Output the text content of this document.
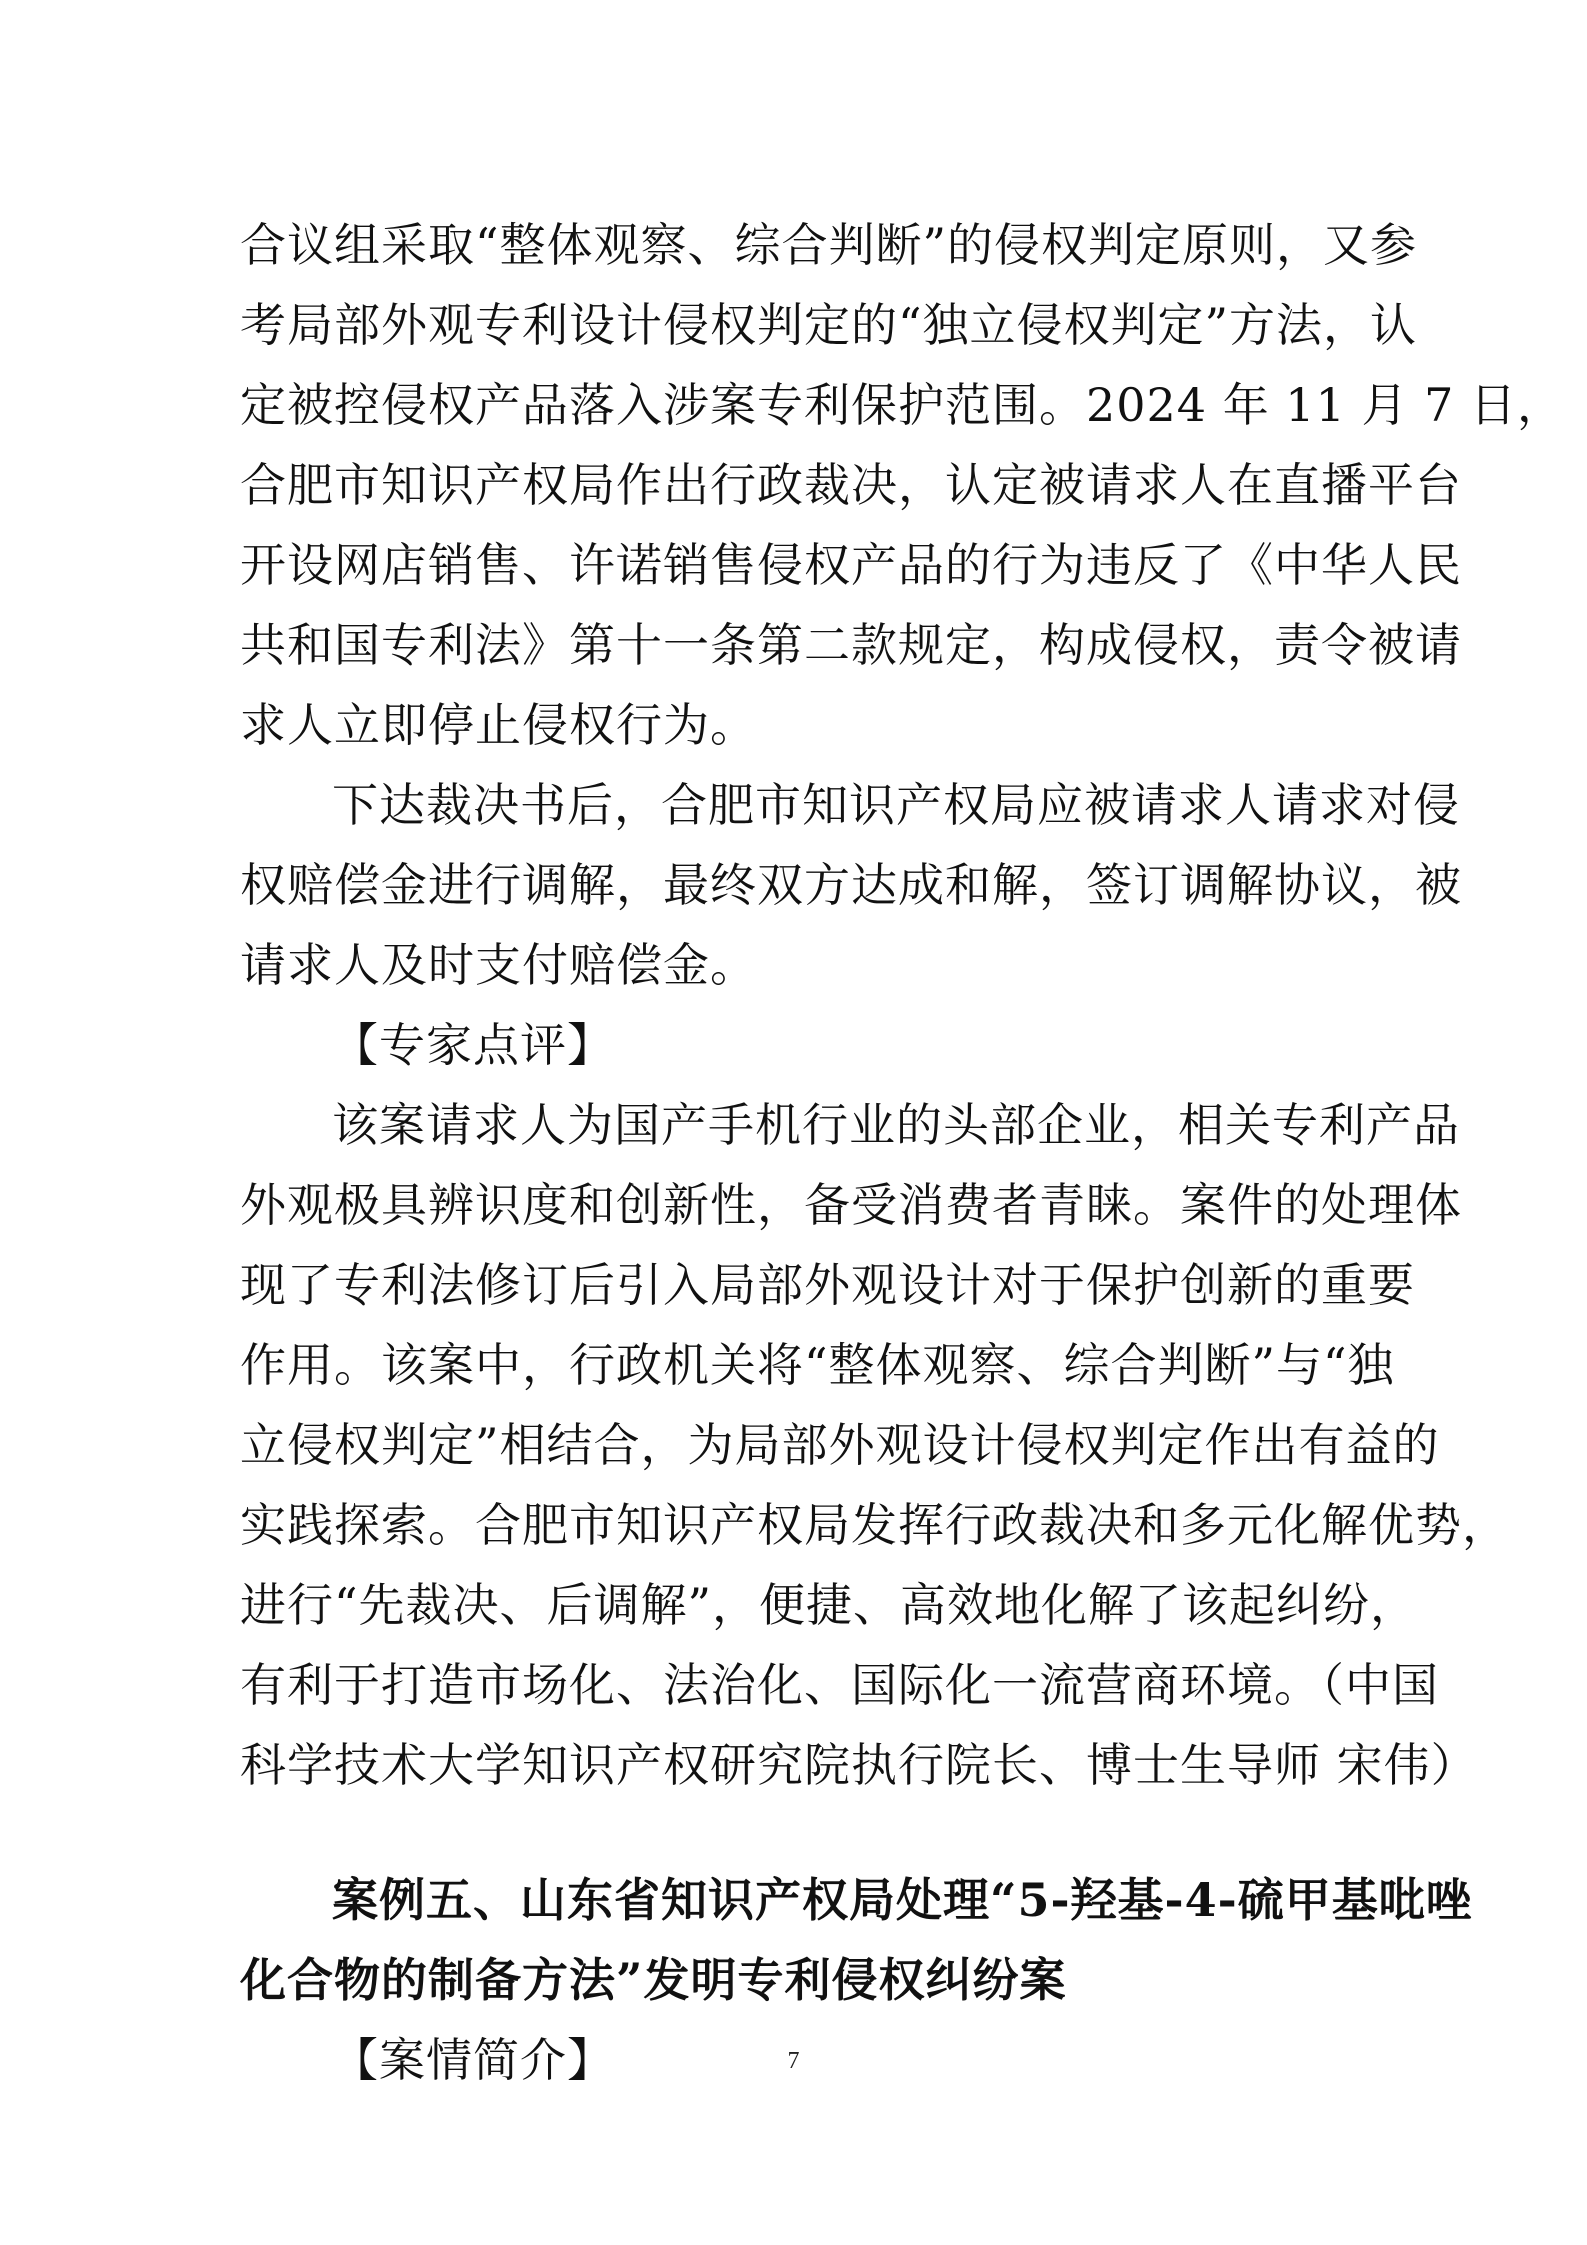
合议组采取“整体观察、综合判断”的侵权判定原则，又参
考局部外观专利设计侵权判定的“独立侵权判定”方法，认
定被控侵权产品落入涉案专利保护范围。2024 年 11 月 7 日，
合肥市知识产权局作出行政裁决，认定被请求人在直播平台
开设网店销售、许诺销售侵权产品的行为违反了《中华人民
共和国专利法》第十一条第二款规定，构成侵权，责令被请
求人立即停止侵权行为。
下达裁决书后，合肥市知识产权局应被请求人请求对侵
权赔偿金进行调解，最终双方达成和解，签订调解协议，被
请求人及时支付赔偿金。
【专家点评】
该案请求人为国产手机行业的头部企业，相关专利产品
外观极具辨识度和创新性，备受消费者青睐。案件的处理体
现了专利法修订后引入局部外观设计对于保护创新的重要
作用。该案中，行政机关将“整体观察、综合判断”与“独
立侵权判定”相结合，为局部外观设计侵权判定作出有益的
实践探索。合肥市知识产权局发挥行政裁决和多元化解优势，
进行“先裁决、后调解”，便捷、高效地化解了该起纠纷，
有利于打造市场化、法治化、国际化一流营商环境。（中国
科学技术大学知识产权研究院执行院长、博士生导师 宋伟）
案例五、山东省知识产权局处理“5-羟基-4-硫甲基吡唑
化合物的制备方法”发明专利侵权纠纷案
【案情简介】	7
